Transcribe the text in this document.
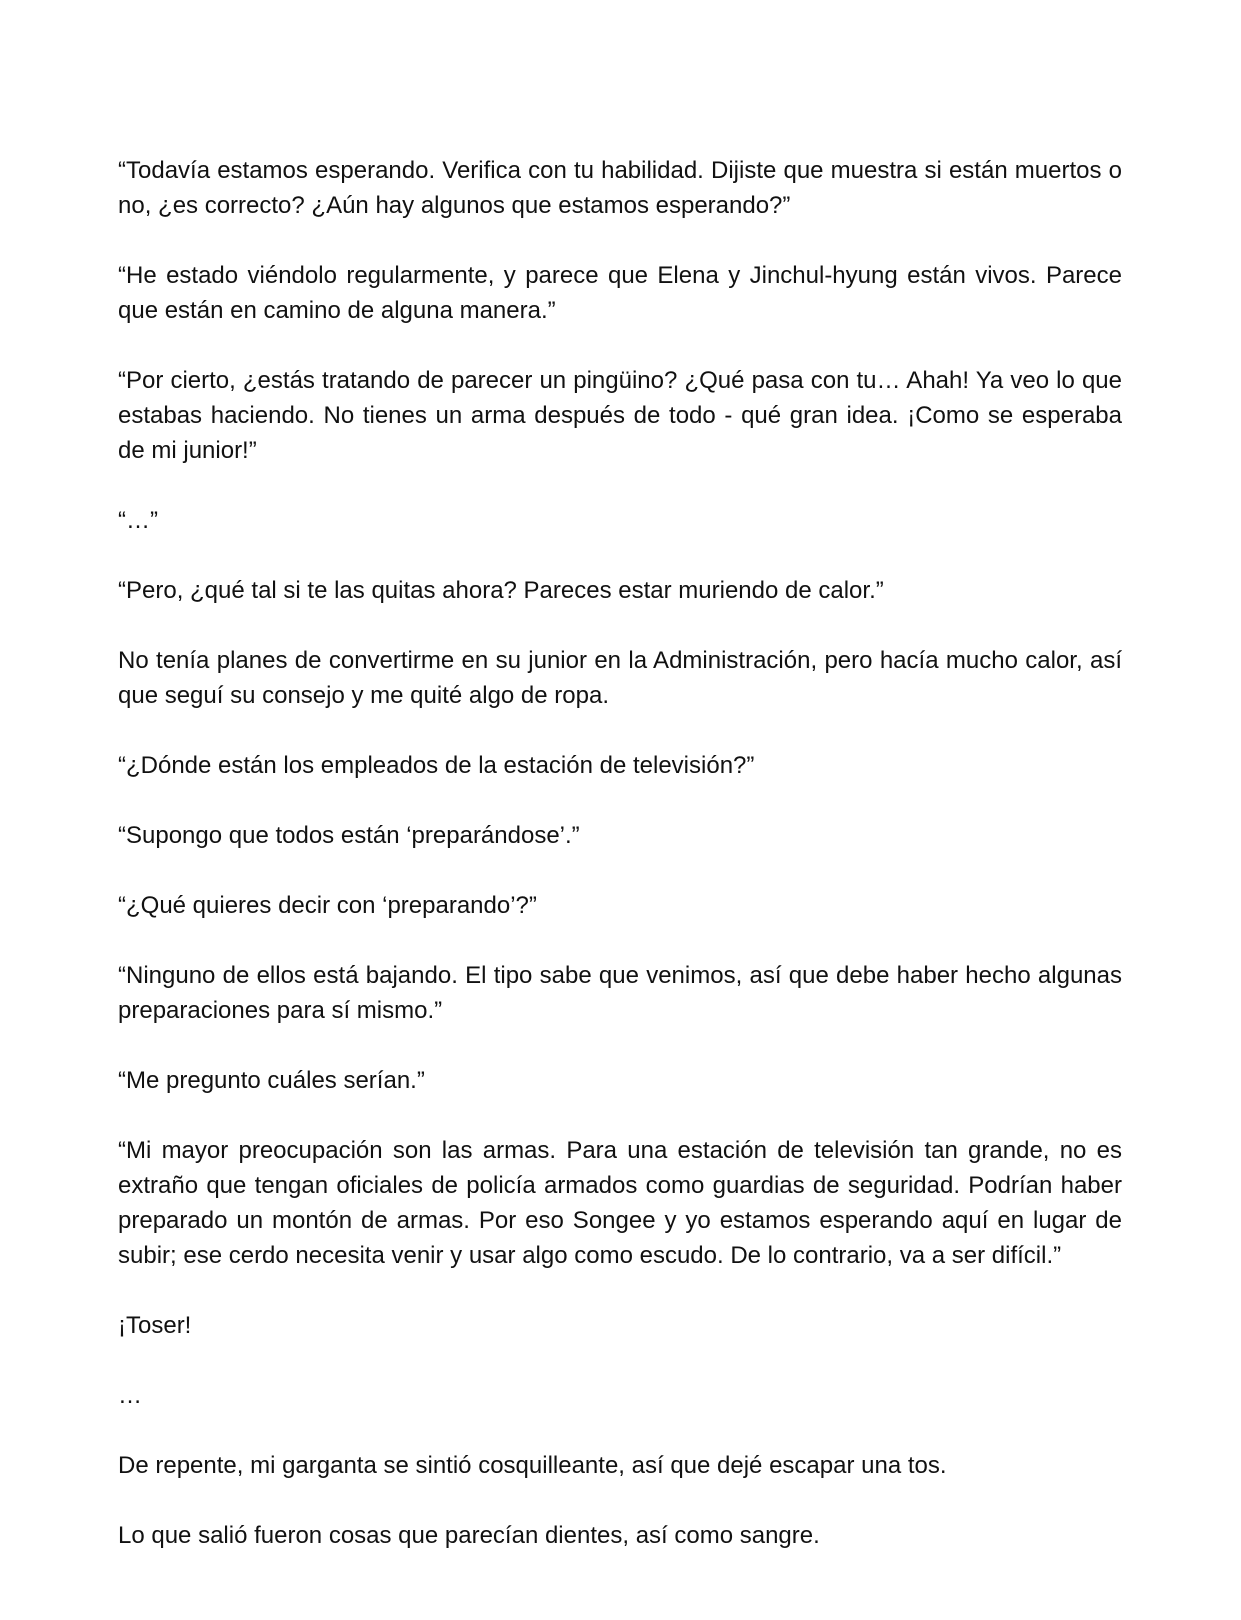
“Todavía estamos esperando. Verifica con tu habilidad. Dijiste que muestra si están muertos o no, ¿es correcto? ¿Aún hay algunos que estamos esperando?”

“He estado viéndolo regularmente, y parece que Elena y Jinchul-hyung están vivos. Parece que están en camino de alguna manera.”

“Por cierto, ¿estás tratando de parecer un pingüino? ¿Qué pasa con tu… Ahah! Ya veo lo que estabas haciendo. No tienes un arma después de todo - qué gran idea. ¡Como se esperaba de mi junior!”

“…”

“Pero, ¿qué tal si te las quitas ahora? Pareces estar muriendo de calor.”

No tenía planes de convertirme en su junior en la Administración, pero hacía mucho calor, así que seguí su consejo y me quité algo de ropa.

“¿Dónde están los empleados de la estación de televisión?”

“Supongo que todos están ‘preparándose’.”

“¿Qué quieres decir con ‘preparando’?”

“Ninguno de ellos está bajando. El tipo sabe que venimos, así que debe haber hecho algunas preparaciones para sí mismo.”

“Me pregunto cuáles serían.”

“Mi mayor preocupación son las armas. Para una estación de televisión tan grande, no es extraño que tengan oficiales de policía armados como guardias de seguridad. Podrían haber preparado un montón de armas. Por eso Songee y yo estamos esperando aquí en lugar de subir; ese cerdo necesita venir y usar algo como escudo. De lo contrario, va a ser difícil.”

¡Toser!

…

De repente, mi garganta se sintió cosquilleante, así que dejé escapar una tos.

Lo que salió fueron cosas que parecían dientes, así como sangre.
